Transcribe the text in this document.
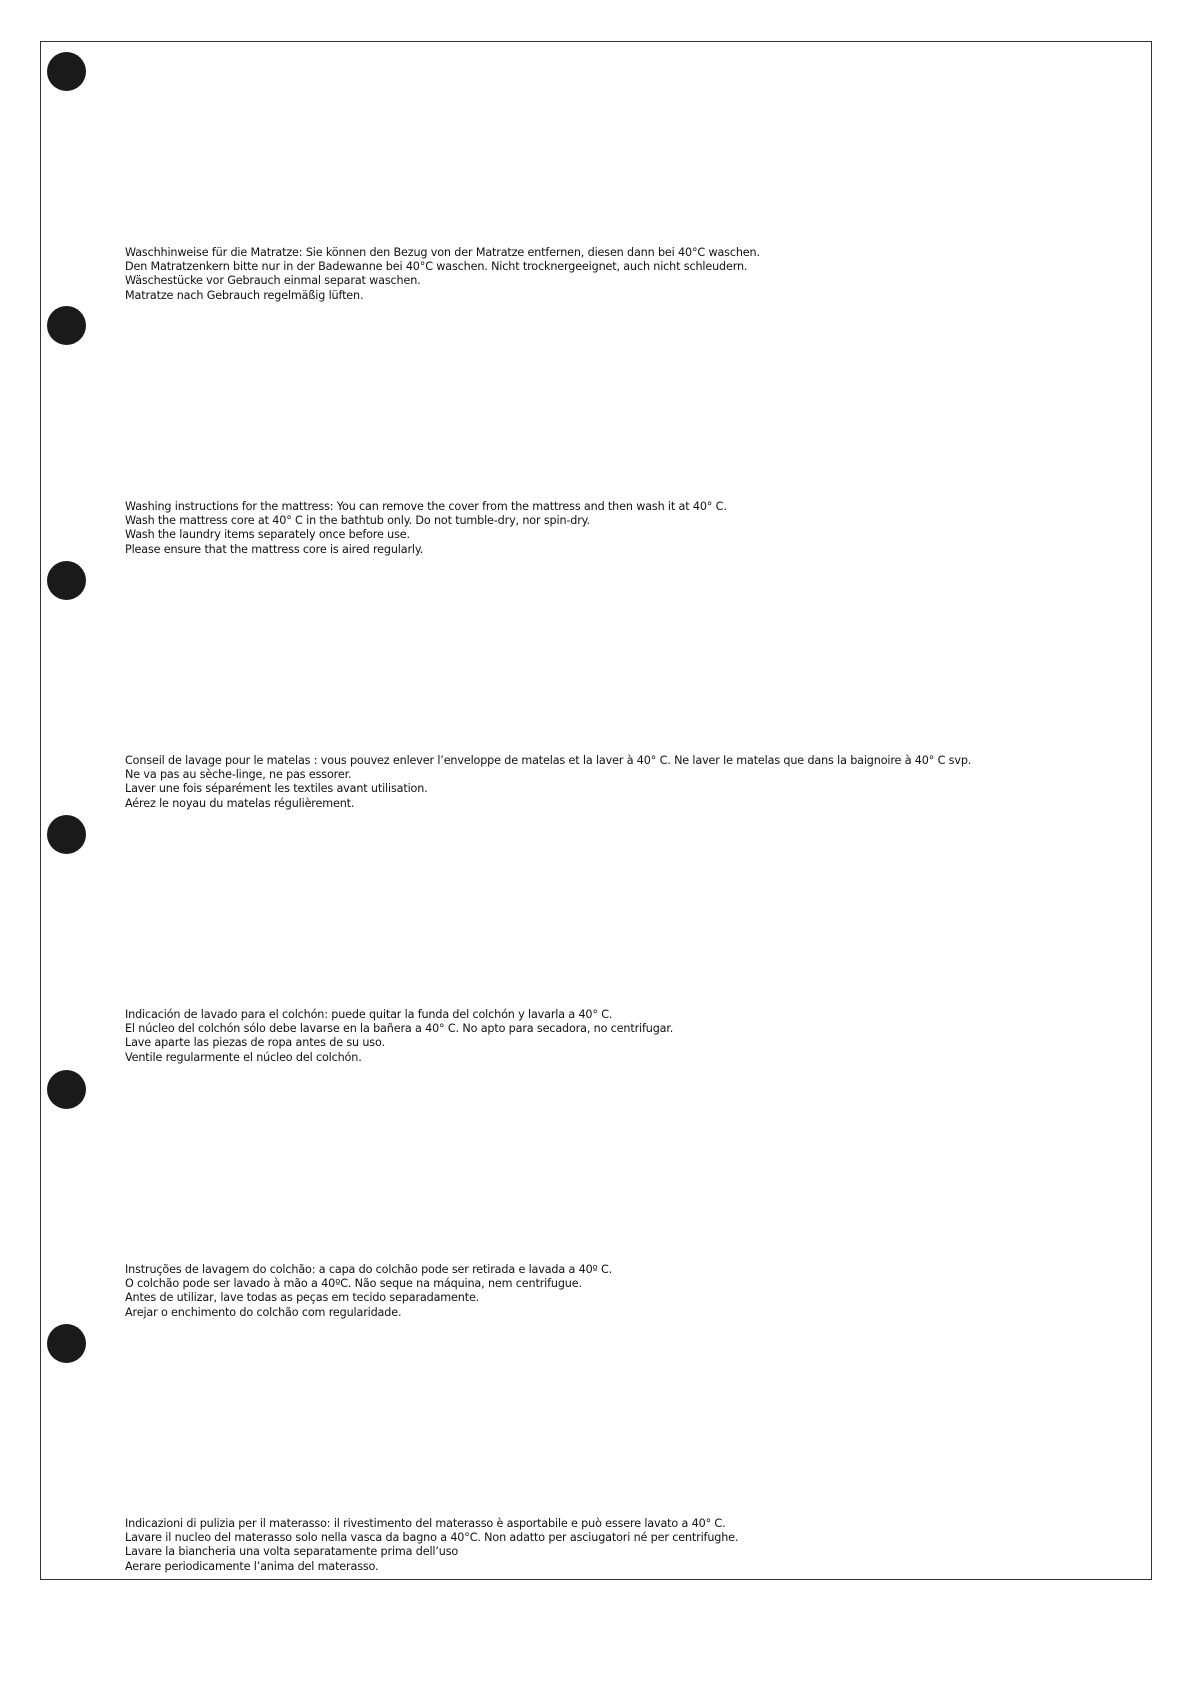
Waschhinweise für die Matratze: Sie können den Bezug von der Matratze entfernen, diesen dann bei 40°C waschen.
Den Matratzenkern bitte nur in der Badewanne bei 40°C waschen. Nicht trocknergeeignet, auch nicht schleudern.
Wäschestücke vor Gebrauch einmal separat waschen.
Matratze nach Gebrauch regelmäßig lüften.
Washing instructions for the mattress: You can remove the cover from the mattress and then wash it at 40° C.
Wash the mattress core at 40° C in the bathtub only. Do not tumble-dry, nor spin-dry.
Wash the laundry items separately once before use.
Please ensure that the mattress core is aired regularly.
Conseil de lavage pour le matelas : vous pouvez enlever l’enveloppe de matelas et la laver à 40° C. Ne laver le matelas que dans la baignoire à 40° C svp.
Ne va pas au sèche-linge, ne pas essorer.
Laver une fois séparément les textiles avant utilisation.
Aérez le noyau du matelas régulièrement.
Indicación de lavado para el colchón: puede quitar la funda del colchón y lavarla a 40° C.
El núcleo del colchón sólo debe lavarse en la bañera a 40° C. No apto para secadora, no centrifugar.
Lave aparte las piezas de ropa antes de su uso.
Ventile regularmente el núcleo del colchón.
Instruções de lavagem do colchão: a capa do colchão pode ser retirada e lavada a 40º C.
O colchão pode ser lavado à mão a 40ºC. Não seque na máquina, nem centrifugue.
Antes de utilizar, lave todas as peças em tecido separadamente.
Arejar o enchimento do colchão com regularidade.
Indicazioni di pulizia per il materasso: il rivestimento del materasso è asportabile e può essere lavato a 40° C.
Lavare il nucleo del materasso solo nella vasca da bagno a 40°C. Non adatto per asciugatori né per centrifughe.
Lavare la biancheria una volta separatamente prima dell’uso
Aerare periodicamente l’anima del materasso.
